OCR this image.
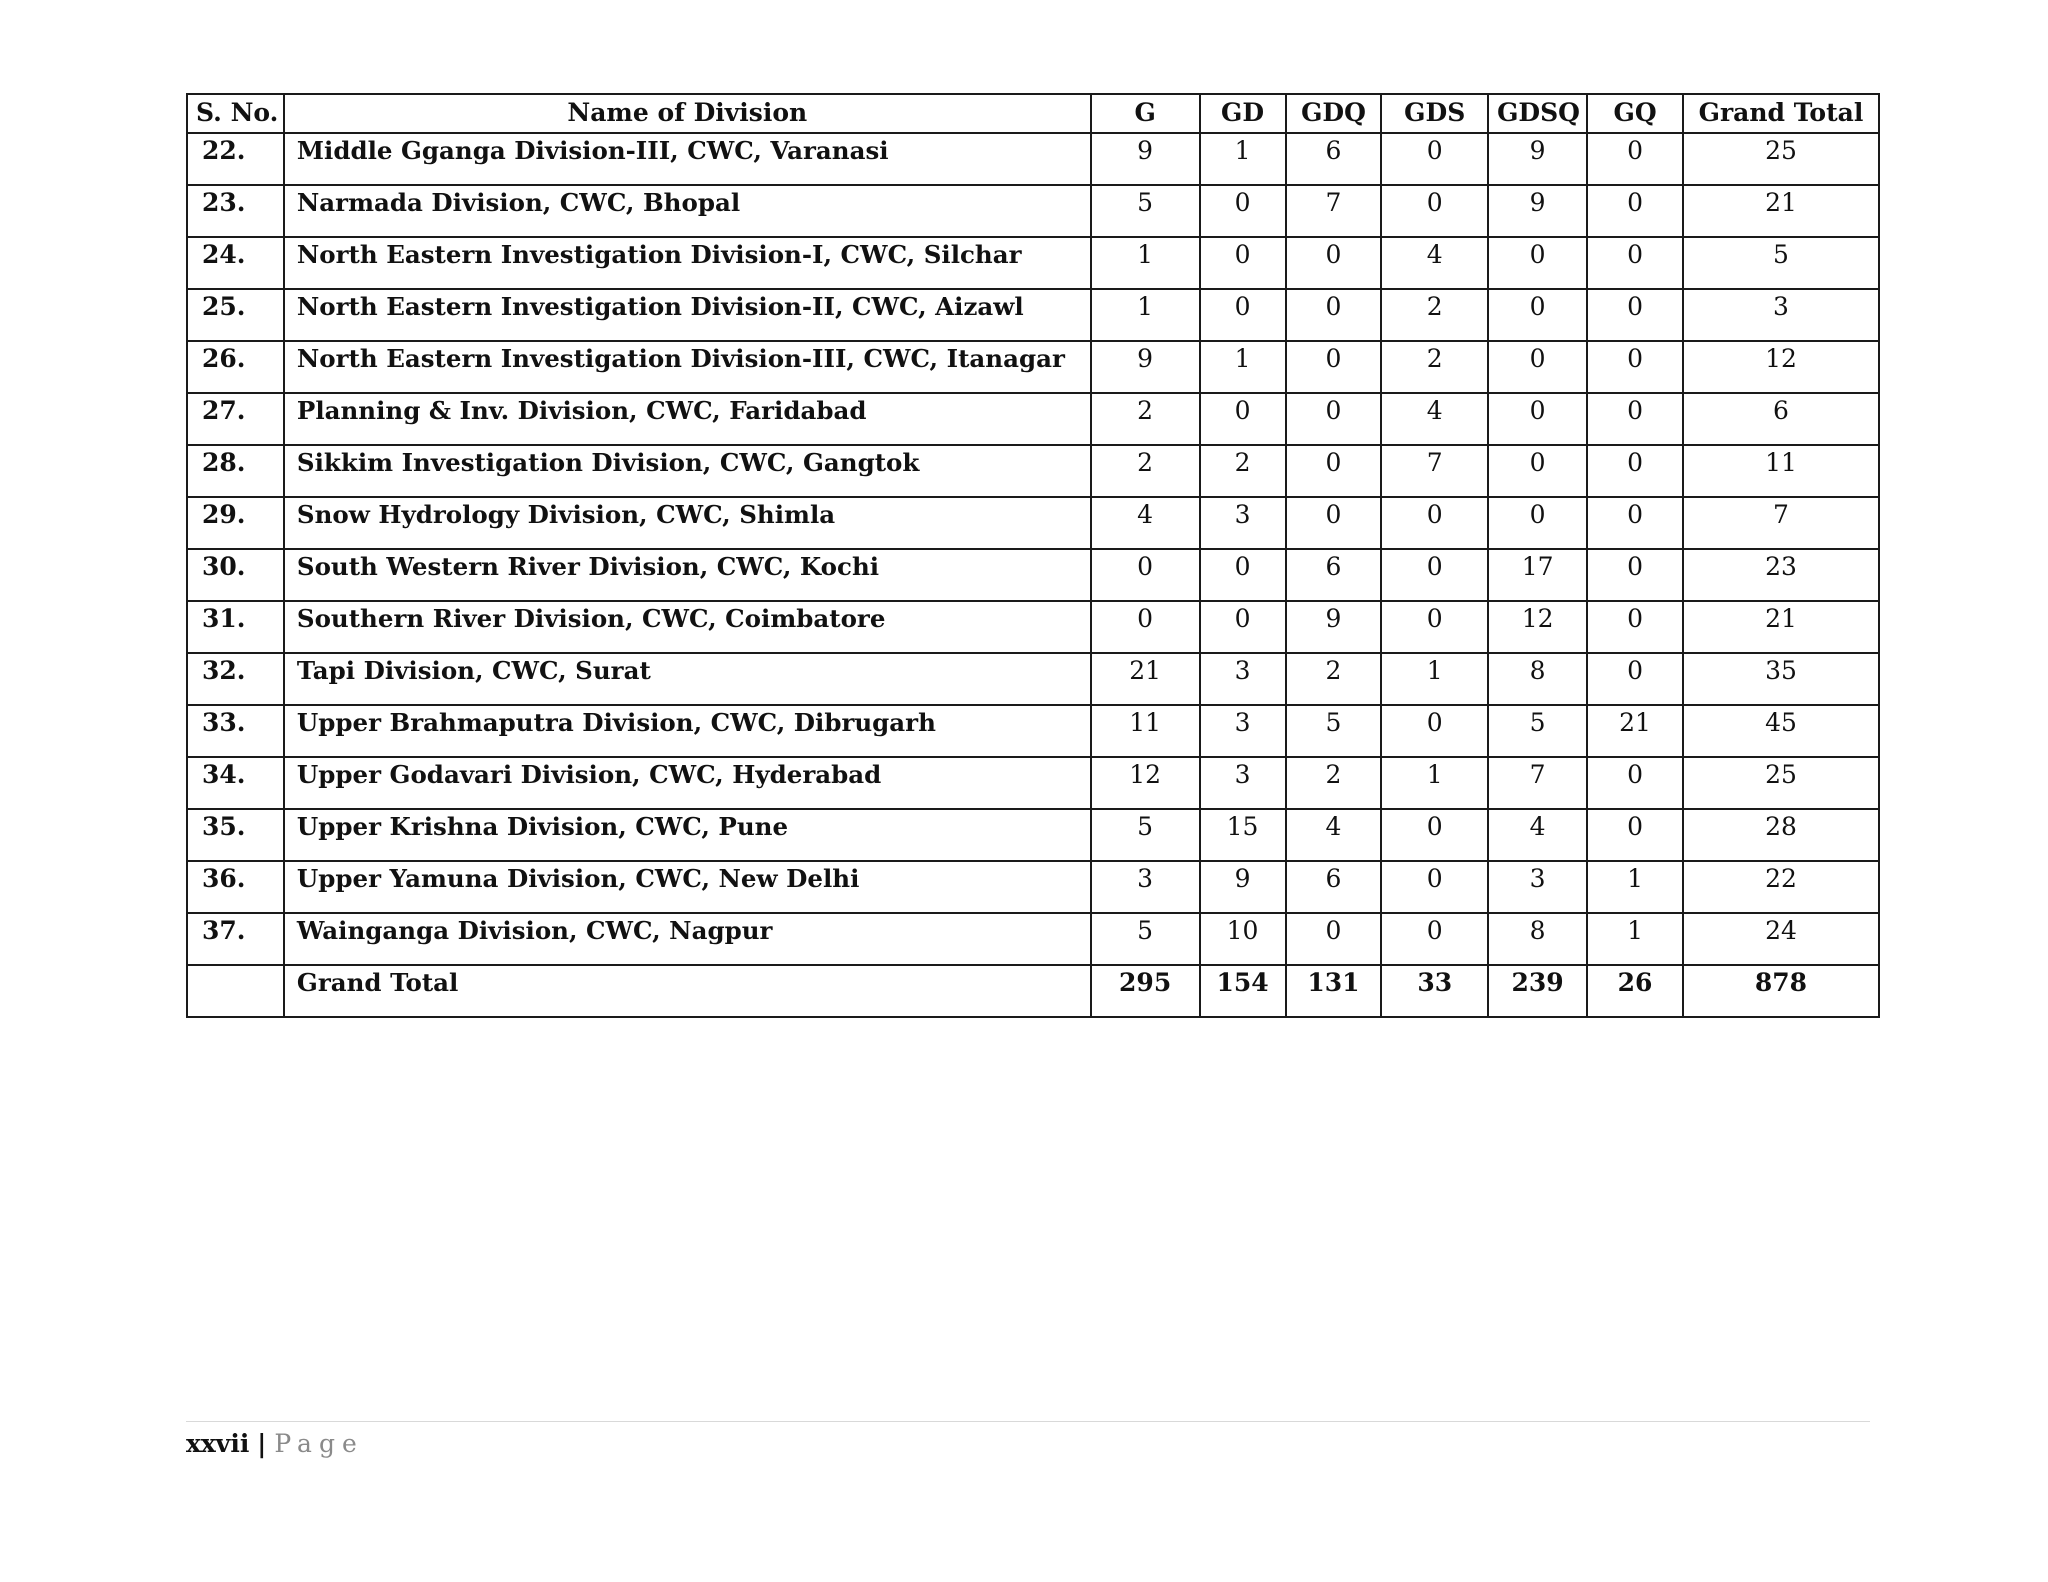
S. No.	Name of Division	G	GD	GDQ	GDS	GDSQ	GQ	Grand Total
22.	Middle Gganga Division-III, CWC, Varanasi	9	1	6	0	9	0	25
23.	Narmada Division, CWC, Bhopal	5	0	7	0	9	0	21
24.	North Eastern Investigation Division-I, CWC, Silchar	1	0	0	4	0	0	5
25.	North Eastern Investigation Division-II, CWC, Aizawl	1	0	0	2	0	0	3
26.	North Eastern Investigation Division-III, CWC, Itanagar	9	1	0	2	0	0	12
27.	Planning & Inv. Division, CWC, Faridabad	2	0	0	4	0	0	6
28.	Sikkim Investigation Division, CWC, Gangtok	2	2	0	7	0	0	11
29.	Snow Hydrology Division, CWC, Shimla	4	3	0	0	0	0	7
30.	South Western River Division, CWC, Kochi	0	0	6	0	17	0	23
31.	Southern River Division, CWC, Coimbatore	0	0	9	0	12	0	21
32.	Tapi Division, CWC, Surat	21	3	2	1	8	0	35
33.	Upper Brahmaputra Division, CWC, Dibrugarh	11	3	5	0	5	21	45
34.	Upper Godavari Division, CWC, Hyderabad	12	3	2	1	7	0	25
35.	Upper Krishna Division, CWC, Pune	5	15	4	0	4	0	28
36.	Upper Yamuna Division, CWC, New Delhi	3	9	6	0	3	1	22
37.	Wainganga Division, CWC, Nagpur	5	10	0	0	8	1	24
	Grand Total	295	154	131	33	239	26	878
xxvii | Page
